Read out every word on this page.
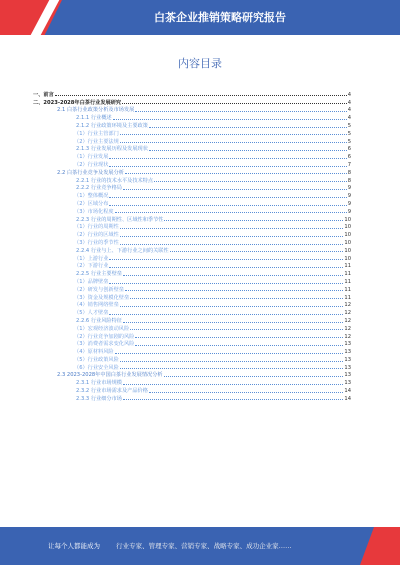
白茶企业推销策略研究报告
内容目录
一、前言	4
二、2023-2028年白茶行业发展研究	4
2.1 白茶行业政策分析及市场发展	4
2.1.1 行业概述	4
2.1.2 行业政策环境及主要政策	5
（1）行业主管部门	5
（2）行业主要法规	5
2.1.3 行业发展历程及发展现状	6
（1）行业发展	6
（2）行业现状	7
2.2 白茶行业竞争及发展分析	8
2.2.1 行业的技术水平及技术特点	8
2.2.2 行业竞争格局	9
（1）整体概况	9
（2）区域分布	9
（3）市场化程度	9
2.2.3 行业的周期性、区域性和季节性	10
（1）行业的周期性	10
（2）行业的区域性	10
（3）行业的季节性	10
2.2.4 行业与上、下游行业之间的关联性	10
（1）上游行业	10
（2）下游行业	11
2.2.5 行业主要壁垒	11
（1）品牌壁垒	11
（2）研发与创新壁垒	11
（3）资金及规模化壁垒	11
（4）销售网络壁垒	12
（5）人才壁垒	12
2.2.6 行业风险特征	12
（1）宏观经济波动风险	12
（2）行业竞争加剧的风险	12
（3）消费者需求变化风险	13
（4）原材料风险	13
（5）行业政策风险	13
（6）行业安全风险	13
2.3 2023-2028年中国白茶行业发展情况分析	13
2.3.1 行业市场规模	13
2.3.2 行业市场需求及产品价格	14
2.3.3 行业细分市场	14
让每个人都能成为 行业专家、管理专家、营销专家、战略专家、成功企业家……
